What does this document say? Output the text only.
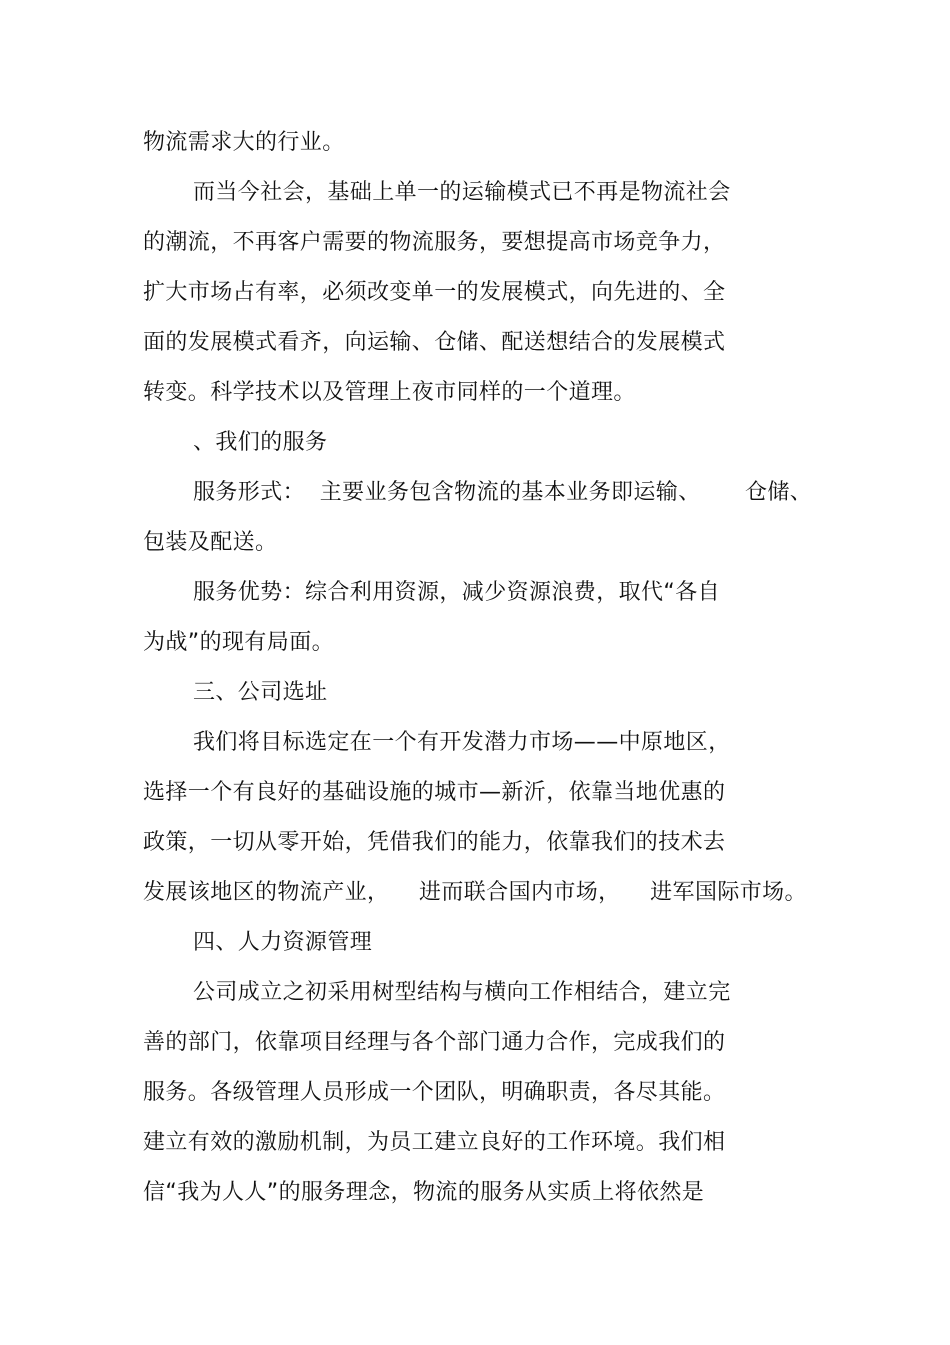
物流需求大的行业。
而当今社会，基础上单一的运输模式已不再是物流社会
的潮流，不再客户需要的物流服务，要想提高市场竞争力，
扩大市场占有率，必须改变单一的发展模式，向先进的、全
面的发展模式看齐，向运输、仓储、配送想结合的发展模式
转变。科学技术以及管理上夜市同样的一个道理。
、我们的服务
服务形式：  主要业务包含物流的基本业务即运输、      仓储、
包装及配送。
服务优势：综合利用资源，减少资源浪费，取代“各自
为战”的现有局面。
三、公司选址
我们将目标选定在一个有开发潜力市场——中原地区，
选择一个有良好的基础设施的城市—新沂，依靠当地优惠的
政策，一切从零开始，凭借我们的能力，依靠我们的技术去
发展该地区的物流产业，    进而联合国内市场，    进军国际市场。
四、人力资源管理
公司成立之初采用树型结构与横向工作相结合，建立完
善的部门，依靠项目经理与各个部门通力合作，完成我们的
服务。各级管理人员形成一个团队，明确职责，各尽其能。
建立有效的激励机制，为员工建立良好的工作环境。我们相
信“我为人人”的服务理念，物流的服务从实质上将依然是
